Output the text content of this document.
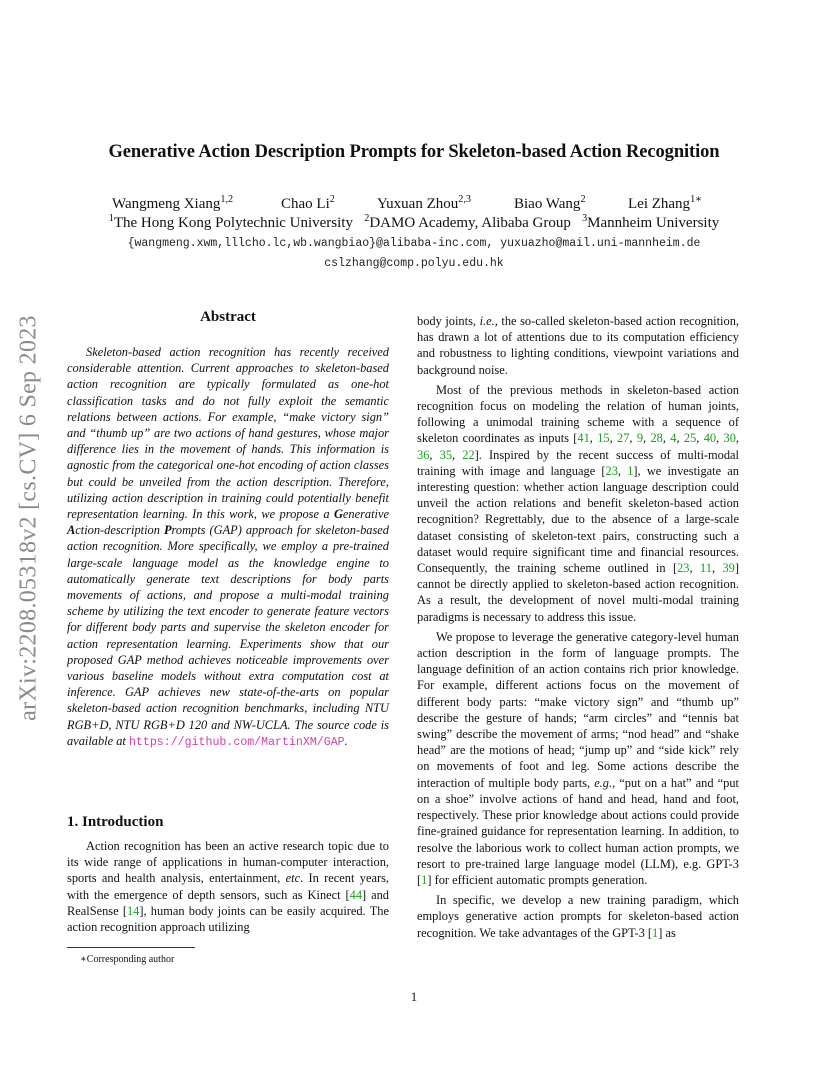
Generative Action Description Prompts for Skeleton-based Action Recognition
Wangmeng Xiang$^{1,2}$	Chao Li$^2$	Yuxuan Zhou$^{2,3}$	Biao Wang$^2$	Lei Zhang$^{1∗}$
$^1$The Hong Kong Polytechnic University $^2$DAMO Academy, Alibaba Group $^3$Mannheim University
{wangmeng.xwm,lllcho.lc,wb.wangbiao}@alibaba-inc.com, yuxuazho@mail.uni-mannheim.de
cslzhang@comp.polyu.edu.hk
arXiv:2208.05318v2 [cs.CV] 6 Sep 2023	Abstract

Skeleton-based action recognition has recently received considerable attention. Current approaches to skeleton-based action recognition are typically formulated as one-hot classification tasks and do not fully exploit the semantic relations between actions. For example, “make victory sign” and “thumb up” are two actions of hand gestures, whose major difference lies in the movement of hands. This information is agnostic from the categorical one-hot encoding of action classes but could be unveiled from the action description. Therefore, utilizing action description in training could potentially benefit representation learning. In this work, we propose a Generative Action-description Prompts (GAP) approach for skeleton-based action recognition. More specifically, we employ a pre-trained large-scale language model as the knowledge engine to automatically generate text descriptions for body parts movements of actions, and propose a multi-modal training scheme by utilizing the text encoder to generate feature vectors for different body parts and supervise the skeleton encoder for action representation learning. Experiments show that our proposed GAP method achieves noticeable improvements over various baseline models without extra computation cost at inference. GAP achieves new state-of-the-arts on popular skeleton-based action recognition benchmarks, including NTU RGB+D, NTU RGB+D 120 and NW-UCLA. The source code is available at https://github.com/MartinXM/GAP.

1. Introduction

Action recognition has been an active research topic due to its wide range of applications in human-computer interaction, sports and health analysis, entertainment, etc. In recent years, with the emergence of depth sensors, such as Kinect [44] and RealSense [14], human body joints can be easily acquired. The action recognition approach utilizing

body joints, i.e., the so-called skeleton-based action recognition, has drawn a lot of attentions due to its computation efficiency and robustness to lighting conditions, viewpoint variations and background noise.

Most of the previous methods in skeleton-based action recognition focus on modeling the relation of human joints, following a unimodal training scheme with a sequence of skeleton coordinates as inputs [41, 15, 27, 9, 28, 4, 25, 40, 30, 36, 35, 22]. Inspired by the recent success of multi-modal training with image and language [23, 1], we investigate an interesting question: whether action language description could unveil the action relations and benefit skeleton-based action recognition? Regrettably, due to the absence of a large-scale dataset consisting of skeleton-text pairs, constructing such a dataset would require significant time and financial resources. Consequently, the training scheme outlined in [23, 11, 39] cannot be directly applied to skeleton-based action recognition. As a result, the development of novel multi-modal training paradigms is necessary to address this issue.

We propose to leverage the generative category-level human action description in the form of language prompts. The language definition of an action contains rich prior knowledge. For example, different actions focus on the movement of different body parts: “make victory sign” and “thumb up” describe the gesture of hands; “arm circles” and “tennis bat swing” describe the movement of arms; “nod head” and “shake head” are the motions of head; “jump up” and “side kick” rely on movements of foot and leg. Some actions describe the interaction of multiple body parts, e.g., “put on a hat” and “put on a shoe” involve actions of hand and head, hand and foot, respectively. These prior knowledge about actions could provide fine-grained guidance for representation learning. In addition, to resolve the laborious work to collect human action prompts, we resort to pre-trained large language model (LLM), e.g. GPT-3 [1] for efficient automatic prompts generation.

In specific, we develop a new training paradigm, which employs generative action prompts for skeleton-based action recognition. We take advantages of the GPT-3 [1] as

∗Corresponding author
1
